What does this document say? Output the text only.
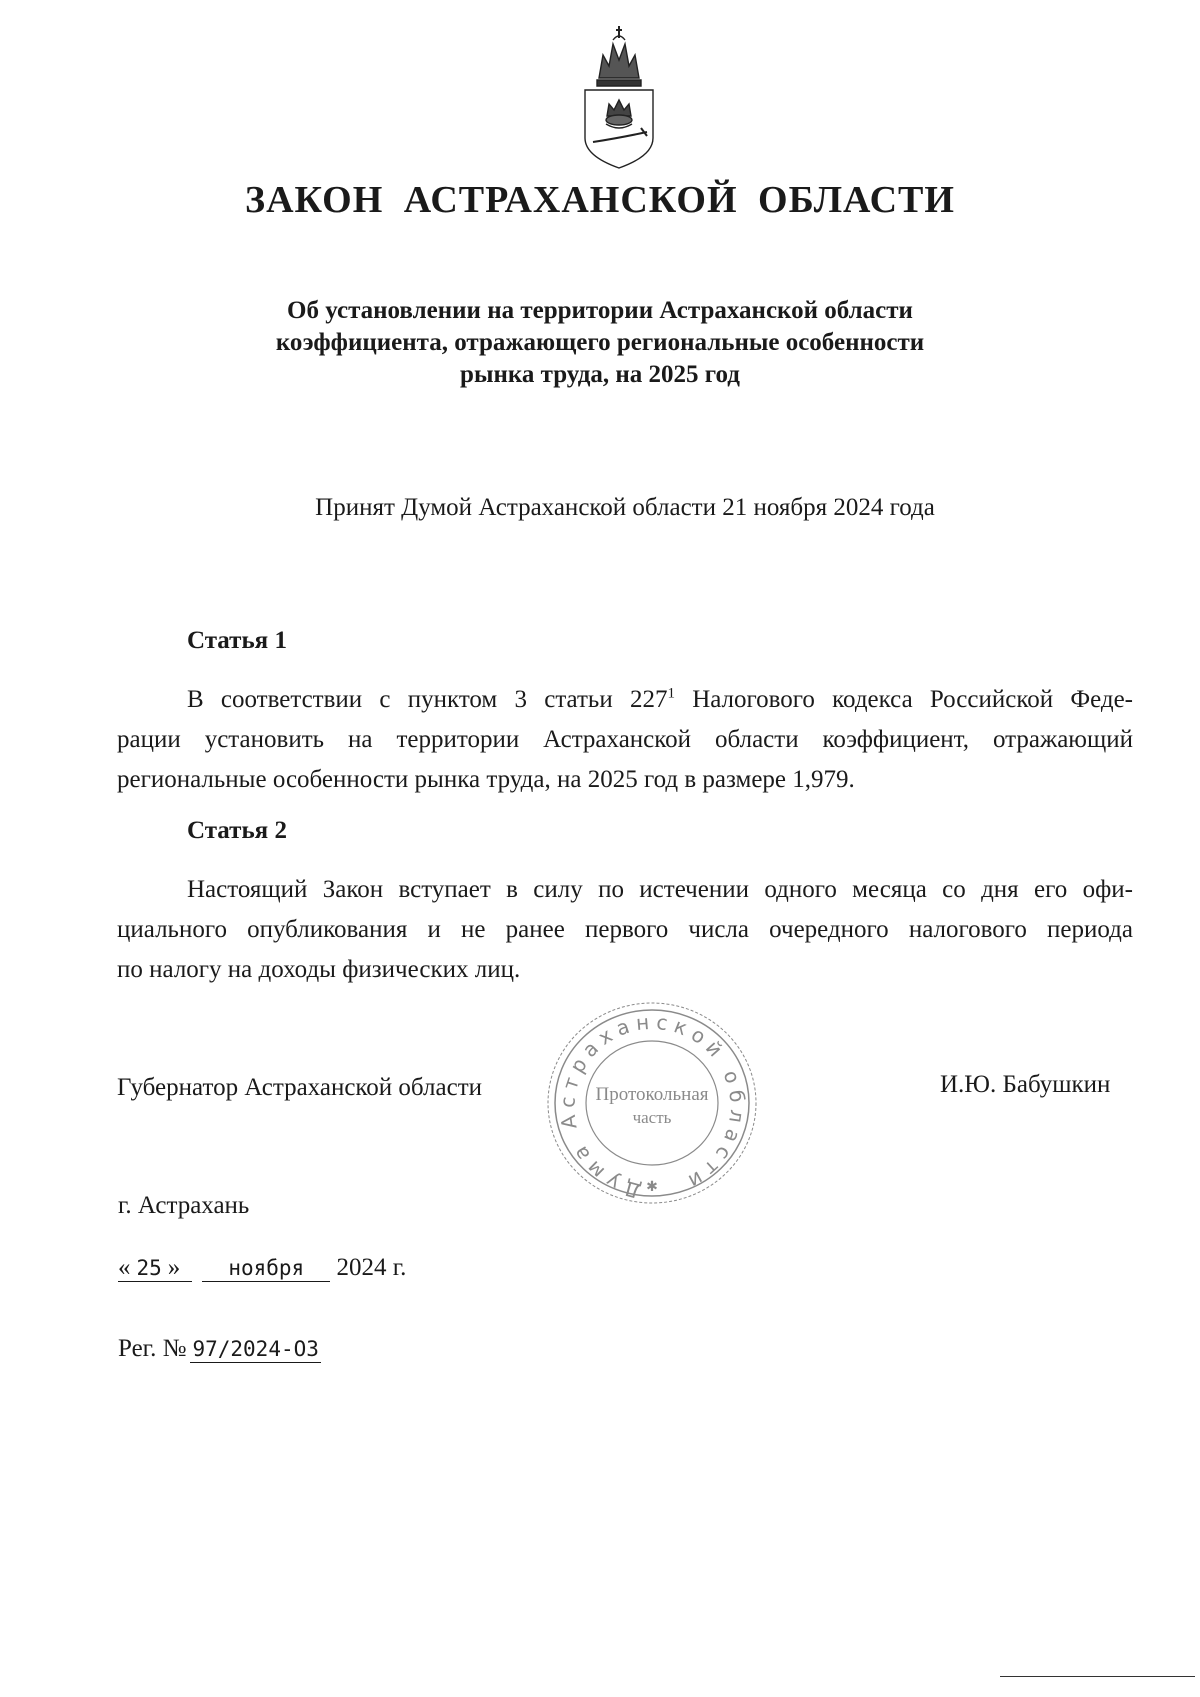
ЗАКОН АСТРАХАНСКОЙ ОБЛАСТИ
Об установлении на территории Астраханской области
коэффициента, отражающего региональные особенности
рынка труда, на 2025 год
Принят Думой Астраханской области 21 ноября 2024 года
Статья 1
В соответствии с пунктом 3 статьи $227^1$ Налогового кодекса Российской Феде-
рации установить на территории Астраханской области коэффициент, отражающий
региональные особенности рынка труда, на 2025 год в размере 1,979.
Статья 2
Настоящий Закон вступает в силу по истечении одного месяца со дня его офи-
циального опубликования и не ранее первого числа очередного налогового периода
по налогу на доходы физических лиц.
Губернатор Астраханской области	И.Ю. Бабушкин
Дума Астраханской области
Протокольная
часть
✱
г. Астрахань
« 25 » ноября 2024 г.
Рег. № 97/2024-ОЗ
